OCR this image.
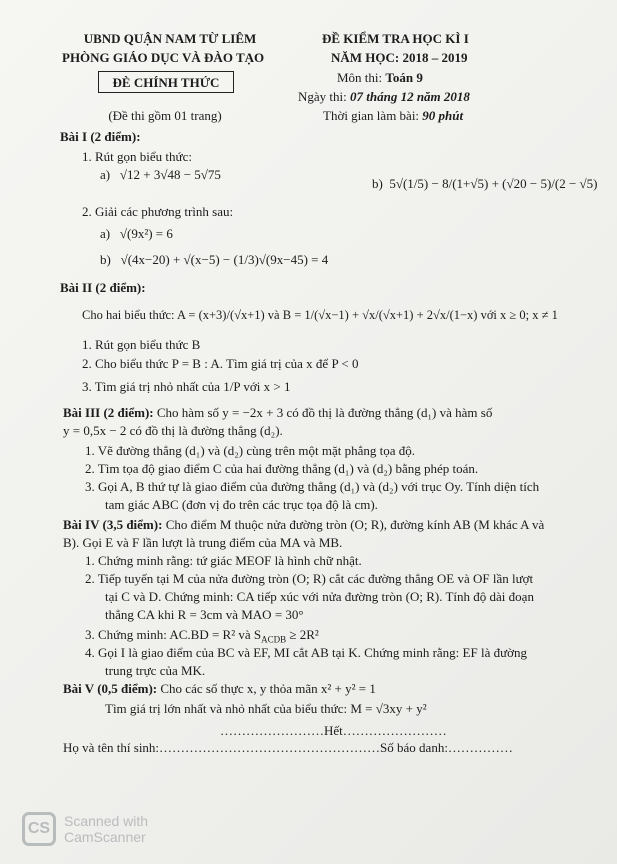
UBND QUẬN NAM TỪ LIÊM
PHÒNG GIÁO DỤC VÀ ĐÀO TẠO
ĐÈ CHÍNH THỨC
(Đề thi gồm 01 trang)
ĐỀ KIỂM TRA HỌC KÌ I
NĂM HỌC: 2018 – 2019
Môn thi: Toán 9
Ngày thi: 07 tháng 12 năm 2018
Thời gian làm bài: 90 phút
Bài I (2 điểm):
1. Rút gọn biểu thức:
a) √12 + 3√48 − 5√75
b) 5√(1/5) − 8/(1+√5) + (√20 − 5)/(2 − √5)
2. Giải các phương trình sau:
a) √(9x²) = 6
b) √(4x−20) + √(x−5) − (1/3)√(9x−45) = 4
Bài II (2 điểm):
Cho hai biểu thức: A = (x+3)/(√x+1) và B = 1/(√x−1) + √x/(√x+1) + 2√x/(1−x) với x ≥ 0; x ≠ 1
1. Rút gọn biểu thức B
2. Cho biểu thức P = B : A. Tìm giá trị của x để P < 0
3. Tìm giá trị nhỏ nhất của 1/P với x > 1
Bài III (2 điểm): Cho hàm số y = −2x + 3 có đồ thị là đường thẳng (d₁) và hàm số
y = 0,5x − 2 có đồ thị là đường thẳng (d₂).
1. Vẽ đường thẳng (d₁) và (d₂) cùng trên một mặt phẳng tọa độ.
2. Tìm tọa độ giao điểm C của hai đường thẳng (d₁) và (d₂) bằng phép toán.
3. Gọi A, B thứ tự là giao điểm của đường thẳng (d₁) và (d₂) với trục Oy. Tính diện tích
tam giác ABC (đơn vị đo trên các trục tọa độ là cm).
Bài IV (3,5 điểm): Cho điểm M thuộc nửa đường tròn (O; R), đường kính AB (M khác A và
B). Gọi E và F lần lượt là trung điểm của MA và MB.
1. Chứng minh rằng: tứ giác MEOF là hình chữ nhật.
2. Tiếp tuyến tại M của nửa đường tròn (O; R) cắt các đường thẳng OE và OF lần lượt
tại C và D. Chứng minh: CA tiếp xúc với nửa đường tròn (O; R). Tính độ dài đoạn
thẳng CA khi R = 3cm và MAO = 30°
3. Chứng minh: AC.BD = R² và $S_{ACDB} \ge 2R^2$
4. Gọi I là giao điểm của BC và EF, MI cắt AB tại K. Chứng minh rằng: EF là đường
trung trực của MK.
Bài V (0,5 điểm): Cho các số thực x, y thỏa mãn x² + y² = 1
Tìm giá trị lớn nhất và nhỏ nhất của biểu thức: M = √3xy + y²
……………………Hết……………………
Họ và tên thí sinh:……………………………………………Số báo danh:……………
CS Scanned with
CamScanner
